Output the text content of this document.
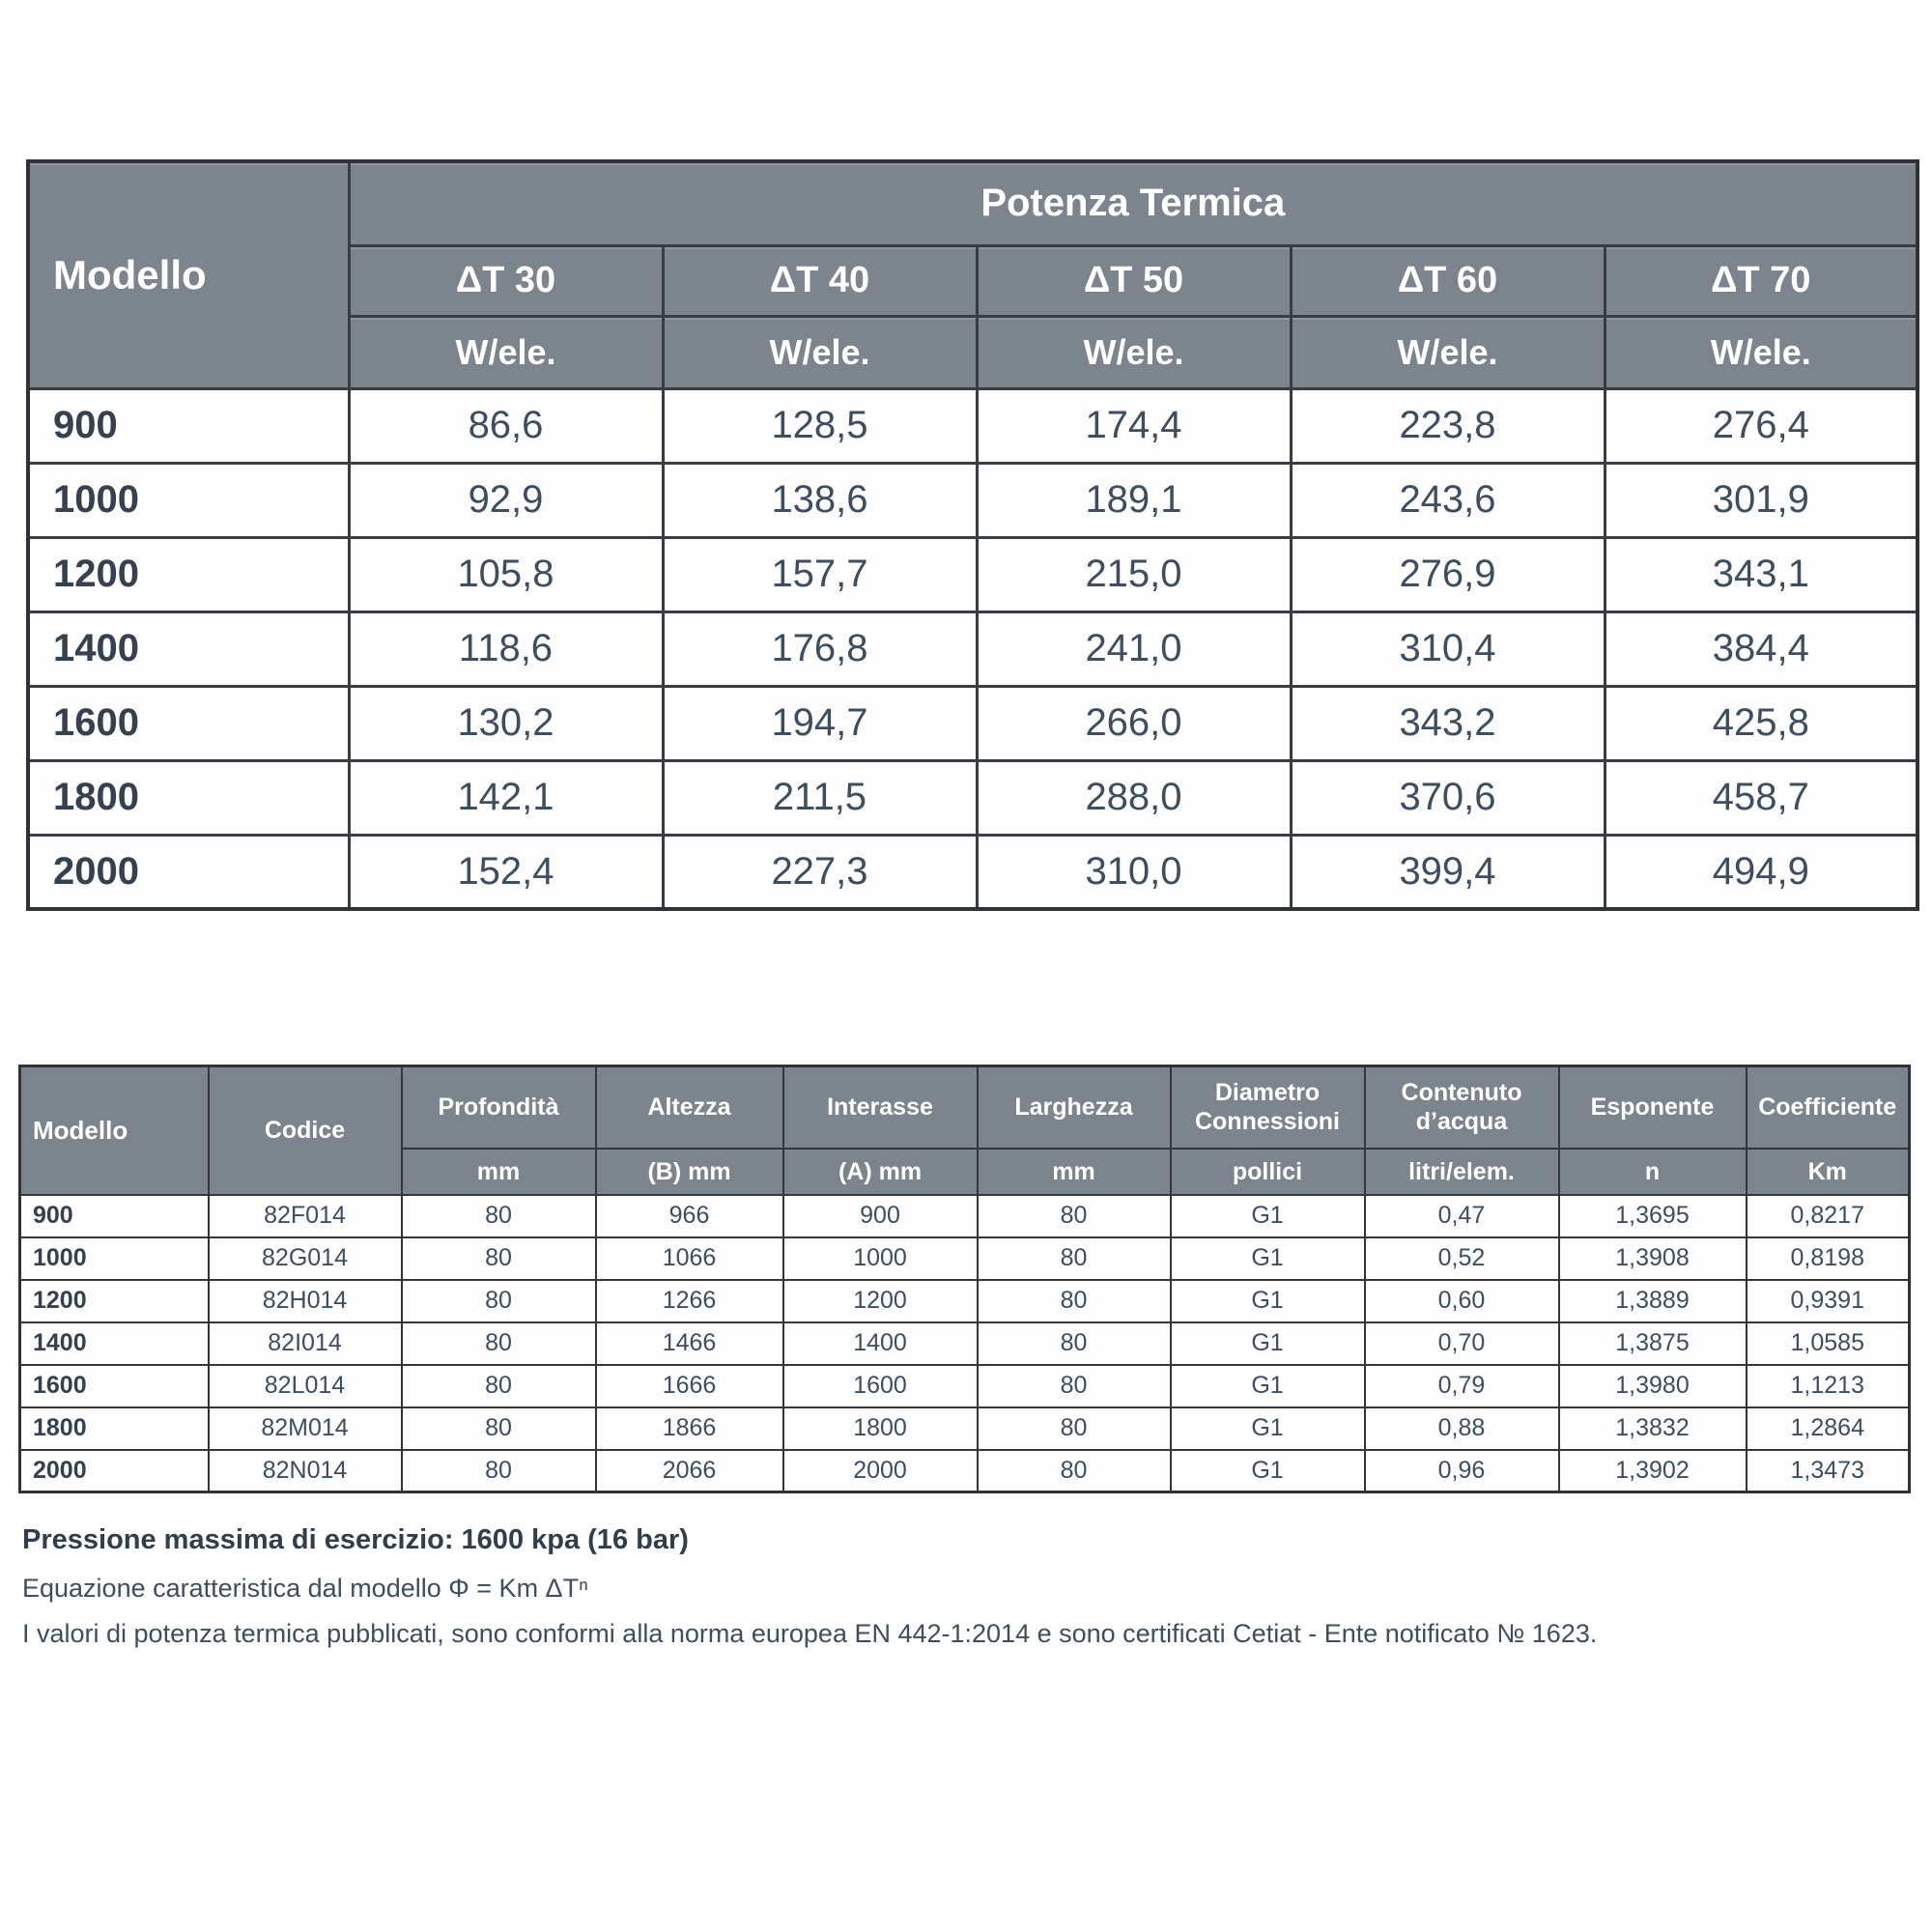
Modello	Potenza Termica				
	ΔT 30	ΔT 40	ΔT 50	ΔT 60	ΔT 70
	W/ele.	W/ele.	W/ele.	W/ele.	W/ele.
900	86,6	128,5	174,4	223,8	276,4
1000	92,9	138,6	189,1	243,6	301,9
1200	105,8	157,7	215,0	276,9	343,1
1400	118,6	176,8	241,0	310,4	384,4
1600	130,2	194,7	266,0	343,2	425,8
1800	142,1	211,5	288,0	370,6	458,7
2000	152,4	227,3	310,0	399,4	494,9
Modello	Codice	Profondità	Altezza	Interasse	Larghezza	Diametro Connessioni	Contenuto d’acqua	Esponente	Coefficiente
		mm	(B) mm	(A) mm	mm	pollici	litri/elem.	n	Km
900	82F014	80	966	900	80	G1	0,47	1,3695	0,8217
1000	82G014	80	1066	1000	80	G1	0,52	1,3908	0,8198
1200	82H014	80	1266	1200	80	G1	0,60	1,3889	0,9391
1400	82I014	80	1466	1400	80	G1	0,70	1,3875	1,0585
1600	82L014	80	1666	1600	80	G1	0,79	1,3980	1,1213
1800	82M014	80	1866	1800	80	G1	0,88	1,3832	1,2864
2000	82N014	80	2066	2000	80	G1	0,96	1,3902	1,3473

Pressione massima di esercizio: 1600 kpa (16 bar)

Equazione caratteristica dal modello Φ = Km ΔTⁿ

I valori di potenza termica pubblicati, sono conformi alla norma europea EN 442-1:2014 e sono certificati Cetiat - Ente notificato № 1623.
